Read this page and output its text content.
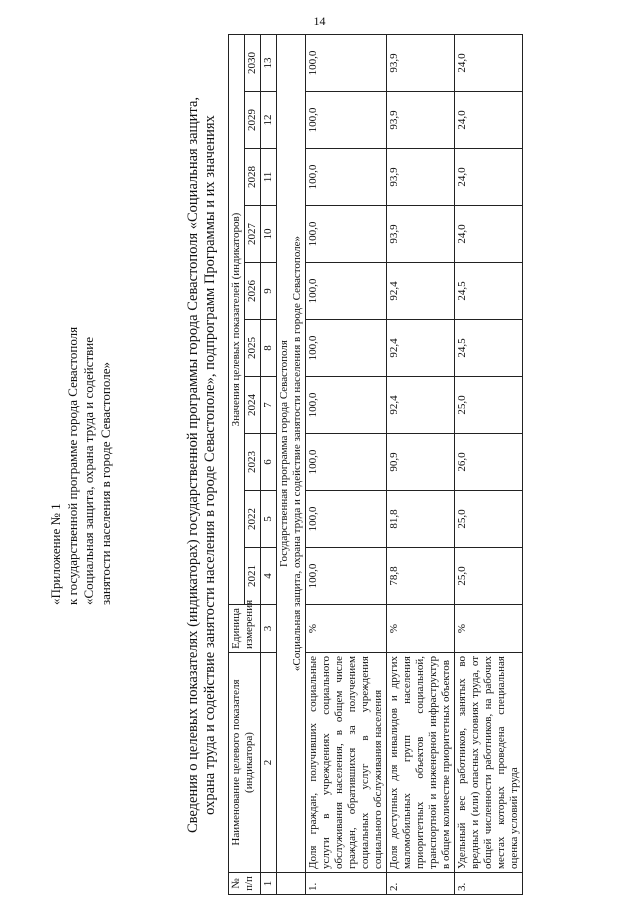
14
«Приложение № 1 к государственной программе города Севастополя «Социальная защита, охрана труда и содействие занятости населения в городе Севастополе»	Сведения о целевых показателях (индикаторах) государственной программы города Севастополя «Социальная защита, охрана труда и содействие занятости населения в городе Севастополе», подпрограмм Программы и их значениях
№ п/п	Наименование целевого показателя (индикатора)	Единица измерения	Значения целевых показателей (индикаторов)									
			2021	2022	2023	2024	2025	2026	2027	2028	2029	2030
1	2	3	4	5	6	7	8	9	10	11	12	13

	Государственная программа города Севастополя «Социальная защита, охрана труда и содействие занятости населения в городе Севастополе»											

1.	Доля граждан, получивших социальные услуги в учреждениях социального обслуживания населения, в общем числе граждан, обратившихся за получением социальных услуг в учреждения социального обслуживания населения	%	100,0	100,0	100,0	100,0	100,0	100,0	100,0	100,0	100,0	100,0
2.	Доля доступных для инвалидов и других маломобильных групп населения приоритетных объектов социальной, транспортной и инженерной инфраструктур в общем количестве приоритетных объектов	%	78,8	81,8	90,9	92,4	92,4	92,4	93,9	93,9	93,9	93,9
3.	Удельный вес работников, занятых во вредных и (или) опасных условиях труда, от общей численности работников, на рабочих местах которых проведена специальная оценка условий труда	%	25,0	25,0	26,0	25,0	24,5	24,5	24,0	24,0	24,0	24,0
